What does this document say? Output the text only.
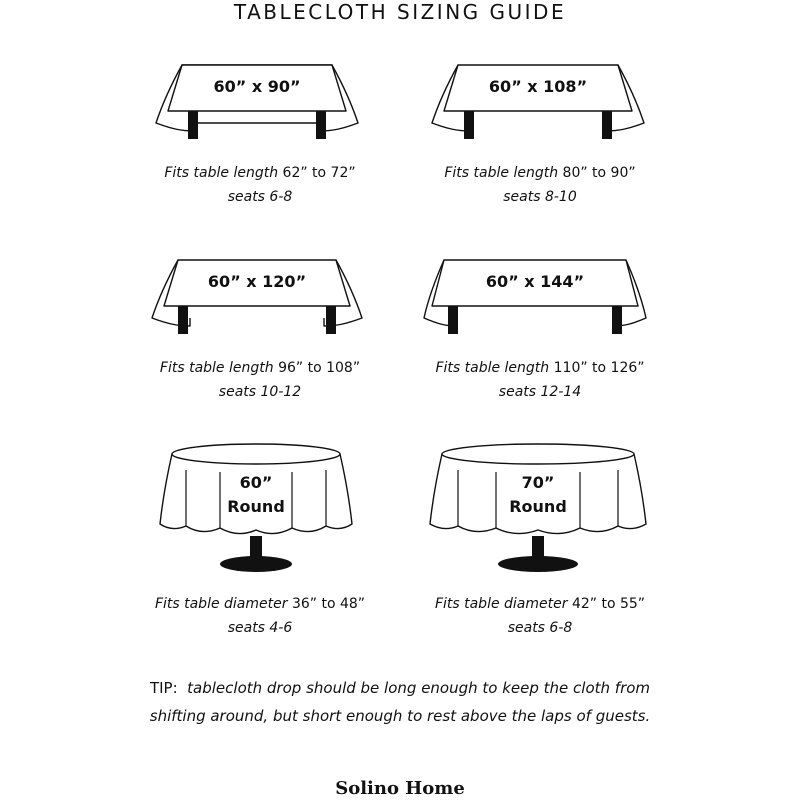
TABLECLOTH SIZING GUIDE
60” x 90”
Fits table length 62” to 72”
seats 6-8
60” x 108”
Fits table length 80” to 90”
seats 8-10
60” x 120”
Fits table length 96” to 108”
seats 10-12
60” x 144”
Fits table length 110” to 126”
seats 12-14
60”
Round
Fits table diameter 36” to 48”
seats 4-6
70”
Round
Fits table diameter 42” to 55”
seats 6-8
TIP: tablecloth drop should be long enough to keep the cloth from shifting around, but short enough to rest above the laps of guests.
Solino Home
